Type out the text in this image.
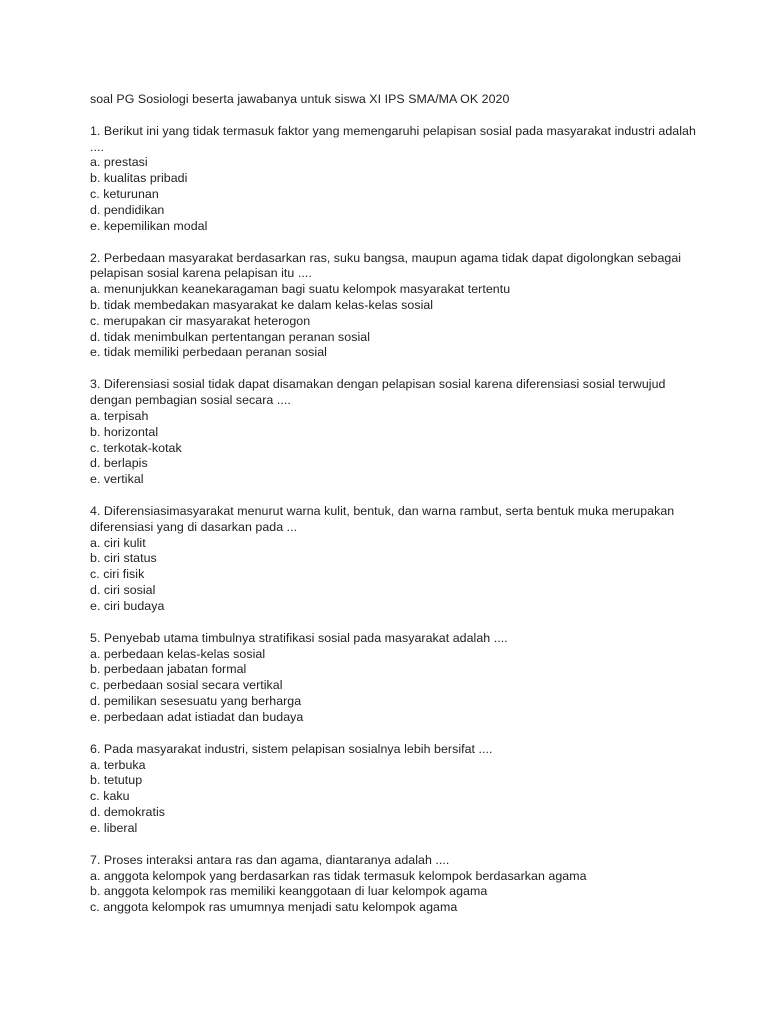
soal PG Sosiologi beserta jawabanya untuk siswa XI IPS SMA/MA OK 2020

1. Berikut ini yang tidak termasuk faktor yang memengaruhi pelapisan sosial pada masyarakat industri adalah ....

a. prestasi

b. kualitas pribadi

c. keturunan

d. pendidikan

e. kepemilikan modal

2. Perbedaan masyarakat berdasarkan ras, suku bangsa, maupun agama tidak dapat digolongkan sebagai pelapisan sosial karena pelapisan itu ....

a. menunjukkan keanekaragaman bagi suatu kelompok masyarakat tertentu

b. tidak membedakan masyarakat ke dalam kelas-kelas sosial

c. merupakan cir masyarakat heterogon

d. tidak menimbulkan pertentangan peranan sosial

e. tidak memiliki perbedaan peranan sosial

3. Diferensiasi sosial tidak dapat disamakan dengan pelapisan sosial karena diferensiasi sosial terwujud dengan pembagian sosial secara ....

a. terpisah

b. horizontal

c. terkotak-kotak

d. berlapis

e. vertikal

4. Diferensiasimasyarakat menurut warna kulit, bentuk, dan warna rambut, serta bentuk muka merupakan diferensiasi yang di dasarkan pada ...

a. ciri kulit

b. ciri status

c. ciri fisik

d. ciri sosial

e. ciri budaya

5. Penyebab utama timbulnya stratifikasi sosial pada masyarakat adalah ....

a. perbedaan kelas-kelas sosial

b. perbedaan jabatan formal

c. perbedaan sosial secara vertikal

d. pemilikan sesesuatu yang berharga

e. perbedaan adat istiadat dan budaya

6. Pada masyarakat industri, sistem pelapisan sosialnya lebih bersifat ....

a. terbuka

b. tetutup

c. kaku

d. demokratis

e. liberal

7. Proses interaksi antara ras dan agama, diantaranya adalah ....

a. anggota kelompok yang berdasarkan ras tidak termasuk kelompok berdasarkan agama

b. anggota kelompok ras memiliki keanggotaan di luar kelompok agama

c. anggota kelompok ras umumnya menjadi satu kelompok agama
